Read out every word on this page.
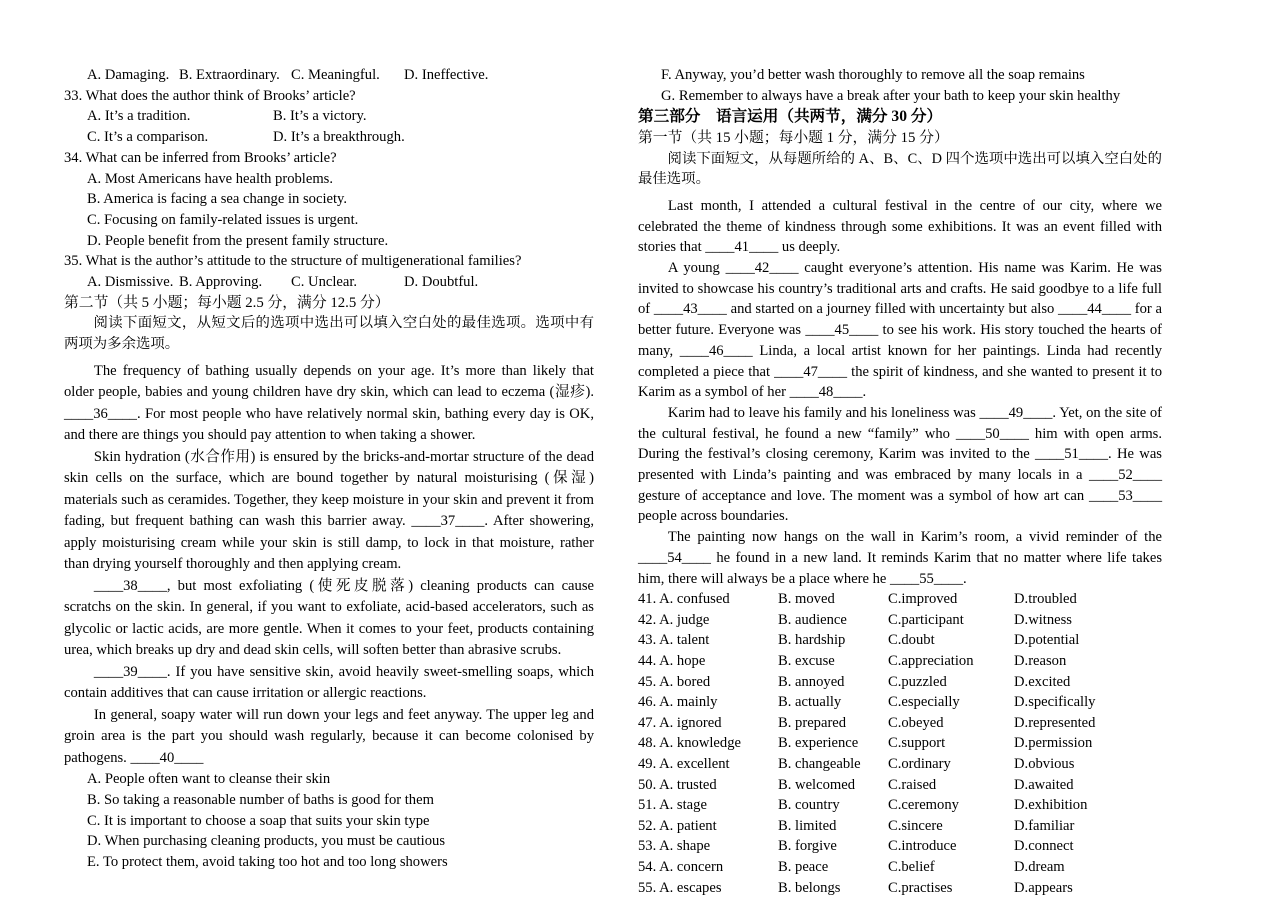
A. Damaging. B. Extraordinary. C. Meaningful.	D. Ineffective.
33. What does the author think of Brooks’ article?
A. It’s a tradition.	B. It’s a victory.
C. It’s a comparison.	D. It’s a breakthrough.
34. What can be inferred from Brooks’ article?
A. Most Americans have health problems.
B. America is facing a sea change in society.
C. Focusing on family-related issues is urgent.
D. People benefit from the present family structure.
35. What is the author’s attitude to the structure of multigenerational families?
A. Dismissive. B. Approving.	C. Unclear.	D. Doubtful.
第二节（共 5 小题；每小题 2.5 分，满分 12.5 分）

阅读下面短文，从短文后的选项中选出可以填入空白处的最佳选项。选项中有两项为多余选项。

The frequency of bathing usually depends on your age. It’s more than likely that older people, babies and young children have dry skin, which can lead to eczema (湿疹). ____36____. For most people who have relatively normal skin, bathing every day is OK, and there are things you should pay attention to when taking a shower.

Skin hydration (水合作用) is ensured by the bricks-and-mortar structure of the dead skin cells on the surface, which are bound together by natural moisturising (保湿) materials such as ceramides. Together, they keep moisture in your skin and prevent it from fading, but frequent bathing can wash this barrier away. ____37____. After showering, apply moisturising cream while your skin is still damp, to lock in that moisture, rather than drying yourself thoroughly and then applying cream.

____38____, but most exfoliating (使死皮脱落) cleaning products can cause scratchs on the skin. In general, if you want to exfoliate, acid-based accelerators, such as glycolic or lactic acids, are more gentle. When it comes to your feet, products containing urea, which breaks up dry and dead skin cells, will soften better than abrasive scrubs.

____39____. If you have sensitive skin, avoid heavily sweet-smelling soaps, which contain additives that can cause irritation or allergic reactions.

In general, soapy water will run down your legs and feet anyway. The upper leg and groin area is the part you should wash regularly, because it can become colonised by pathogens. ____40____

A. People often want to cleanse their skin
B. So taking a reasonable number of baths is good for them
C. It is important to choose a soap that suits your skin type
D. When purchasing cleaning products, you must be cautious
E. To protect them, avoid taking too hot and too long showers
F. Anyway, you’d better wash thoroughly to remove all the soap remains
G. Remember to always have a break after your bath to keep your skin healthy
第三部分　语言运用（共两节，满分 30 分）
第一节（共 15 小题；每小题 1 分，满分 15 分）

阅读下面短文，从每题所给的 A、B、C、D 四个选项中选出可以填入空白处的最佳选项。

Last month, I attended a cultural festival in the centre of our city, where we celebrated the theme of kindness through some exhibitions. It was an event filled with stories that ____41____ us deeply.

A young ____42____ caught everyone’s attention. His name was Karim. He was invited to showcase his country’s traditional arts and crafts. He said goodbye to a life full of ____43____ and started on a journey filled with uncertainty but also ____44____ for a better future. Everyone was ____45____ to see his work. His story touched the hearts of many, ____46____ Linda, a local artist known for her paintings. Linda had recently completed a piece that ____47____ the spirit of kindness, and she wanted to present it to Karim as a symbol of her ____48____.

Karim had to leave his family and his loneliness was ____49____. Yet, on the site of the cultural festival, he found a new “family” who ____50____ him with open arms. During the festival’s closing ceremony, Karim was invited to the ____51____. He was presented with Linda’s painting and was embraced by many locals in a ____52____ gesture of acceptance and love. The moment was a symbol of how art can ____53____ people across boundaries.

The painting now hangs on the wall in Karim’s room, a vivid reminder of the ____54____ he found in a new land. It reminds Karim that no matter where life takes him, there will always be a place where he ____55____.

41. A. confused	B. moved	C.improved	D.troubled
42. A. judge	B. audience	C.participant	D.witness
43. A. talent	B. hardship	C.doubt	D.potential
44. A. hope	B. excuse	C.appreciation	D.reason
45. A. bored	B. annoyed	C.puzzled	D.excited
46. A. mainly	B. actually	C.especially	D.specifically
47. A. ignored	B. prepared	C.obeyed	D.represented
48. A. knowledge	B. experience	C.support	D.permission
49. A. excellent	B. changeable	C.ordinary	D.obvious
50. A. trusted	B. welcomed	C.raised	D.awaited
51. A. stage	B. country	C.ceremony	D.exhibition
52. A. patient	B. limited	C.sincere	D.familiar
53. A. shape	B. forgive	C.introduce	D.connect
54. A. concern	B. peace	C.belief	D.dream
55. A. escapes	B. belongs	C.practises	D.appears
